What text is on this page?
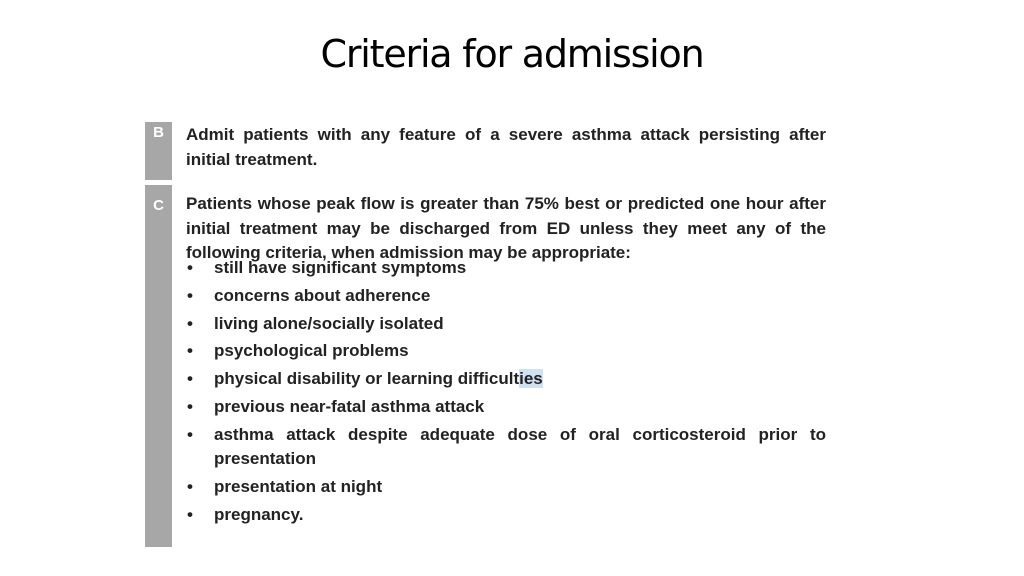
Criteria for admission
B	Admit patients with any feature of a severe asthma attack persisting after initial treatment.

C	Patients whose peak flow is greater than 75% best or predicted one hour after initial treatment may be discharged from ED unless they meet any of the following criteria, when admission may be appropriate:

• still have significant symptoms
• concerns about adherence
• living alone/socially isolated
• psychological problems
• physical disability or learning difficulties
• previous near-fatal asthma attack
• asthma attack despite adequate dose of oral corticosteroid prior to presentation
• presentation at night
• pregnancy.
